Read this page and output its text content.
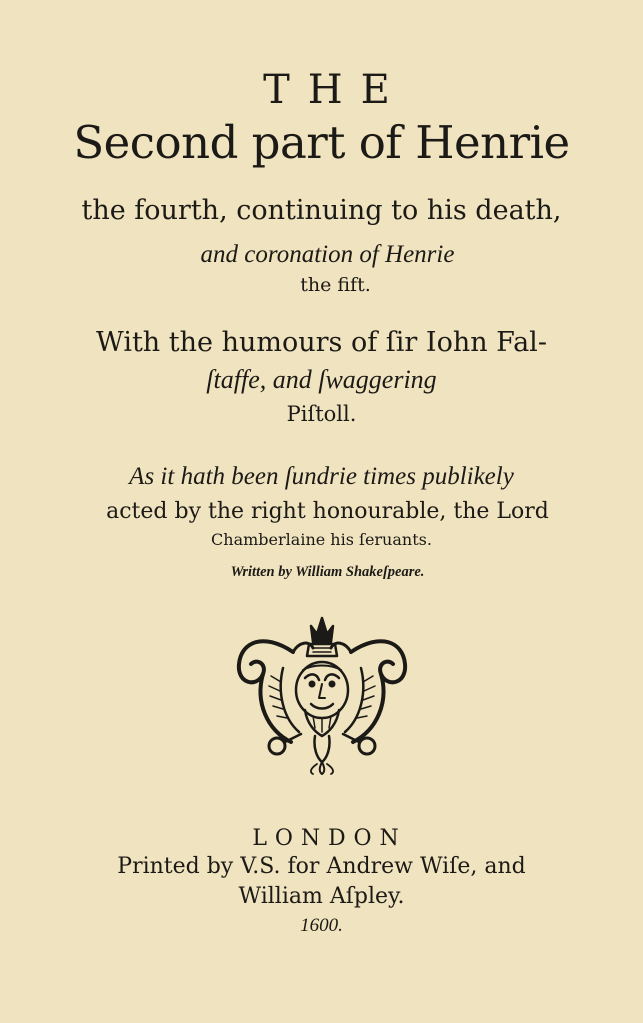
THE
Second part of Henrie
the fourth, continuing to his death,
and coronation of Henrie
the fift.
With the humours of ſir Iohn Fal-
ſtaffe, and ſwaggering
Piſtoll.
As it hath been ſundrie times publikely
acted by the right honourable, the Lord
Chamberlaine his ſeruants.
Written by William Shakeſpeare.
LONDON
Printed by V.S. for Andrew Wiſe, and
William Aſpley.
1600.
